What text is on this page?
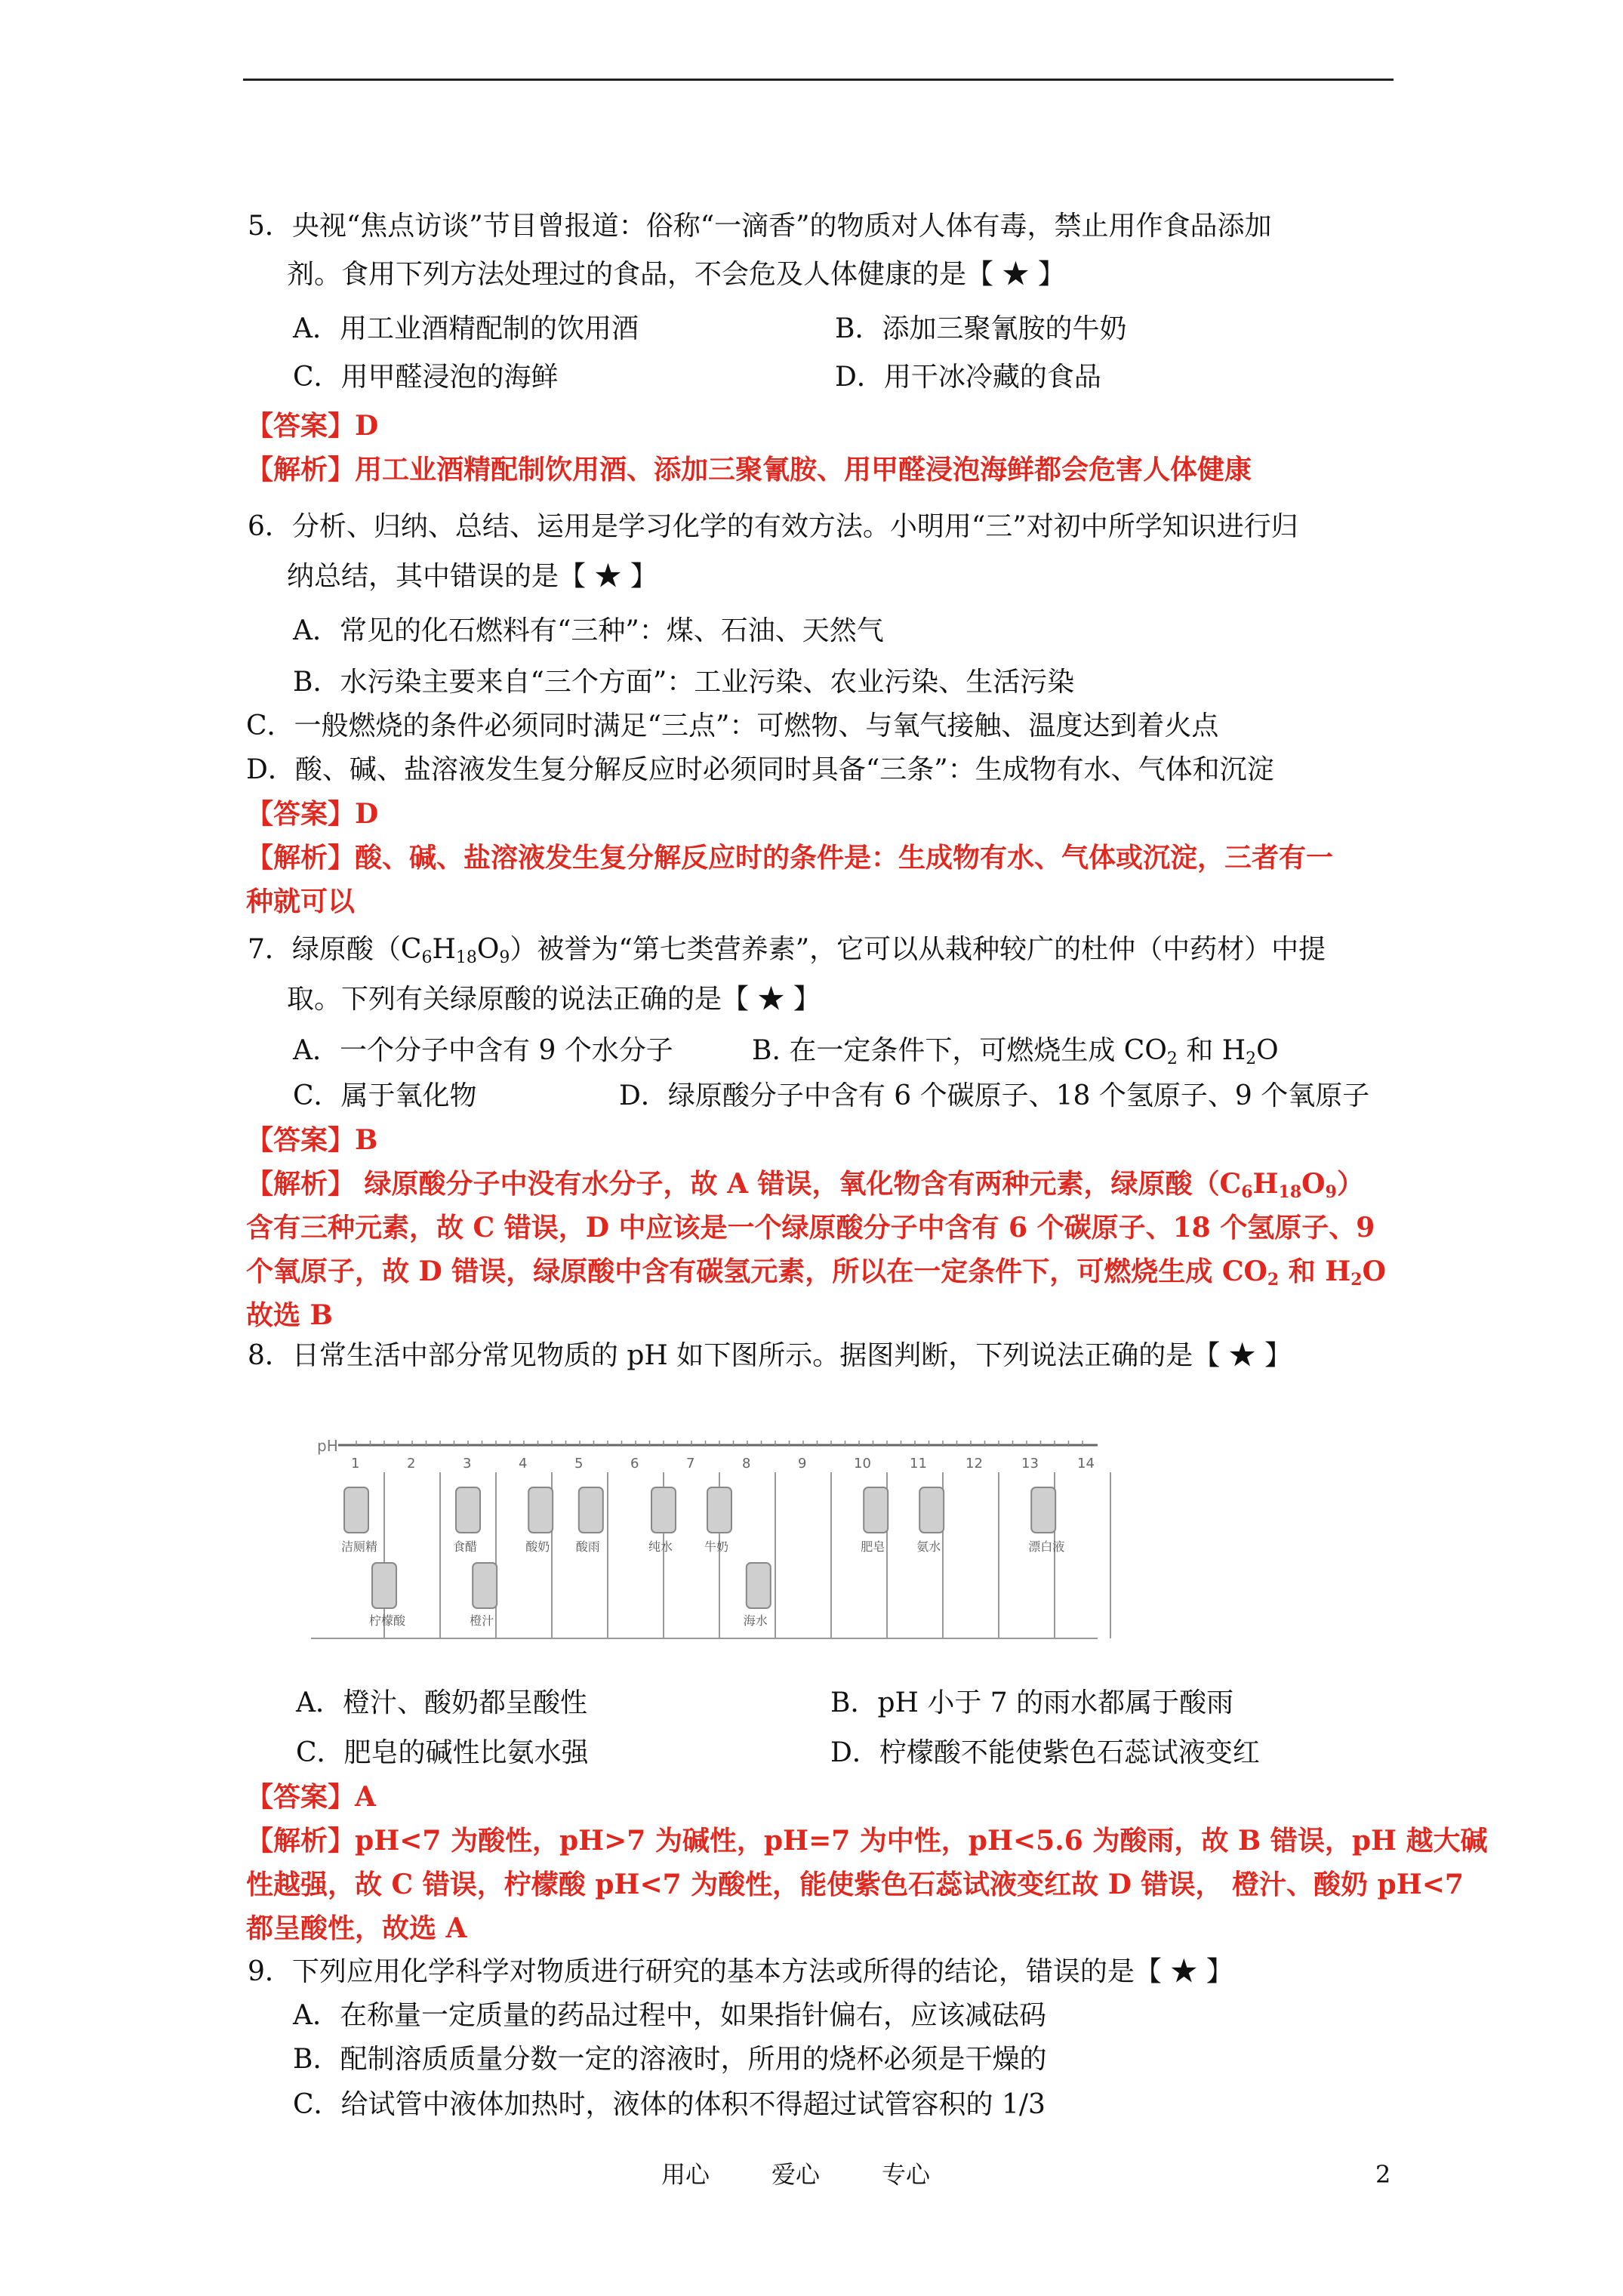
5．央视“焦点访谈”节目曾报道：俗称“一滴香”的物质对人体有毒，禁止用作食品添加
剂。食用下列方法处理过的食品，不会危及人体健康的是【 ★ 】
A．用工业酒精配制的饮用酒	B．添加三聚氰胺的牛奶
C．用甲醛浸泡的海鲜	D．用干冰冷藏的食品
【答案】D
【解析】用工业酒精配制饮用酒、添加三聚氰胺、用甲醛浸泡海鲜都会危害人体健康
6．分析、归纳、总结、运用是学习化学的有效方法。小明用“三”对初中所学知识进行归
纳总结，其中错误的是【 ★ 】
A．常见的化石燃料有“三种”：煤、石油、天然气
B．水污染主要来自“三个方面”：工业污染、农业污染、生活污染
C．一般燃烧的条件必须同时满足“三点”：可燃物、与氧气接触、温度达到着火点
D．酸、碱、盐溶液发生复分解反应时必须同时具备“三条”：生成物有水、气体和沉淀
【答案】D
【解析】酸、碱、盐溶液发生复分解反应时的条件是：生成物有水、气体或沉淀，三者有一
种就可以
7．绿原酸$(C_6H_{18}O_9)$被誉为“第七类营养素”，它可以从栽种较广的杜仲（中药材）中提
取。下列有关绿原酸的说法正确的是【 ★ 】
A．一个分子中含有 9 个水分子	B. 在一定条件下，可燃烧生成 $CO_2$ 和 $H_2O$
C．属于氧化物	D．绿原酸分子中含有 6 个碳原子、18 个氢原子、9 个氧原子
【答案】B
【解析】 绿原酸分子中没有水分子，故 A 错误，氧化物含有两种元素，绿原酸$(C_6H_{18}O_9)$
含有三种元素，故 C 错误，D 中应该是一个绿原酸分子中含有 6 个碳原子、18 个氢原子、9
个氧原子，故 D 错误，绿原酸中含有碳氢元素，所以在一定条件下，可燃烧生成 $CO_2$ 和 $H_2O$
故选 B
8．日常生活中部分常见物质的 pH 如下图所示。据图判断，下列说法正确的是【 ★ 】
pH
1	2	3	4	5	6	7	8	9	10	11	12	13	14
洁厕精
柠檬酸
食醋
橙汁
酸奶 酸雨	纯水	牛奶
海水
肥皂	氨水	漂白液
A．橙汁、酸奶都呈酸性	B．pH 小于 7 的雨水都属于酸雨
C．肥皂的碱性比氨水强	D．柠檬酸不能使紫色石蕊试液变红
【答案】A
【解析】pH<7 为酸性，pH>7 为碱性，pH=7 为中性，pH<5.6 为酸雨，故 B 错误，pH 越大碱
性越强，故 C 错误，柠檬酸 pH<7 为酸性，能使紫色石蕊试液变红故 D 错误， 橙汁、酸奶 pH<7
都呈酸性，故选 A
9．下列应用化学科学对物质进行研究的基本方法或所得的结论，错误的是【 ★ 】
A．在称量一定质量的药品过程中，如果指针偏右，应该减砝码
B．配制溶质质量分数一定的溶液时，所用的烧杯必须是干燥的
C．给试管中液体加热时，液体的体积不得超过试管容积的 1/3
用心	爱心	专心	2
